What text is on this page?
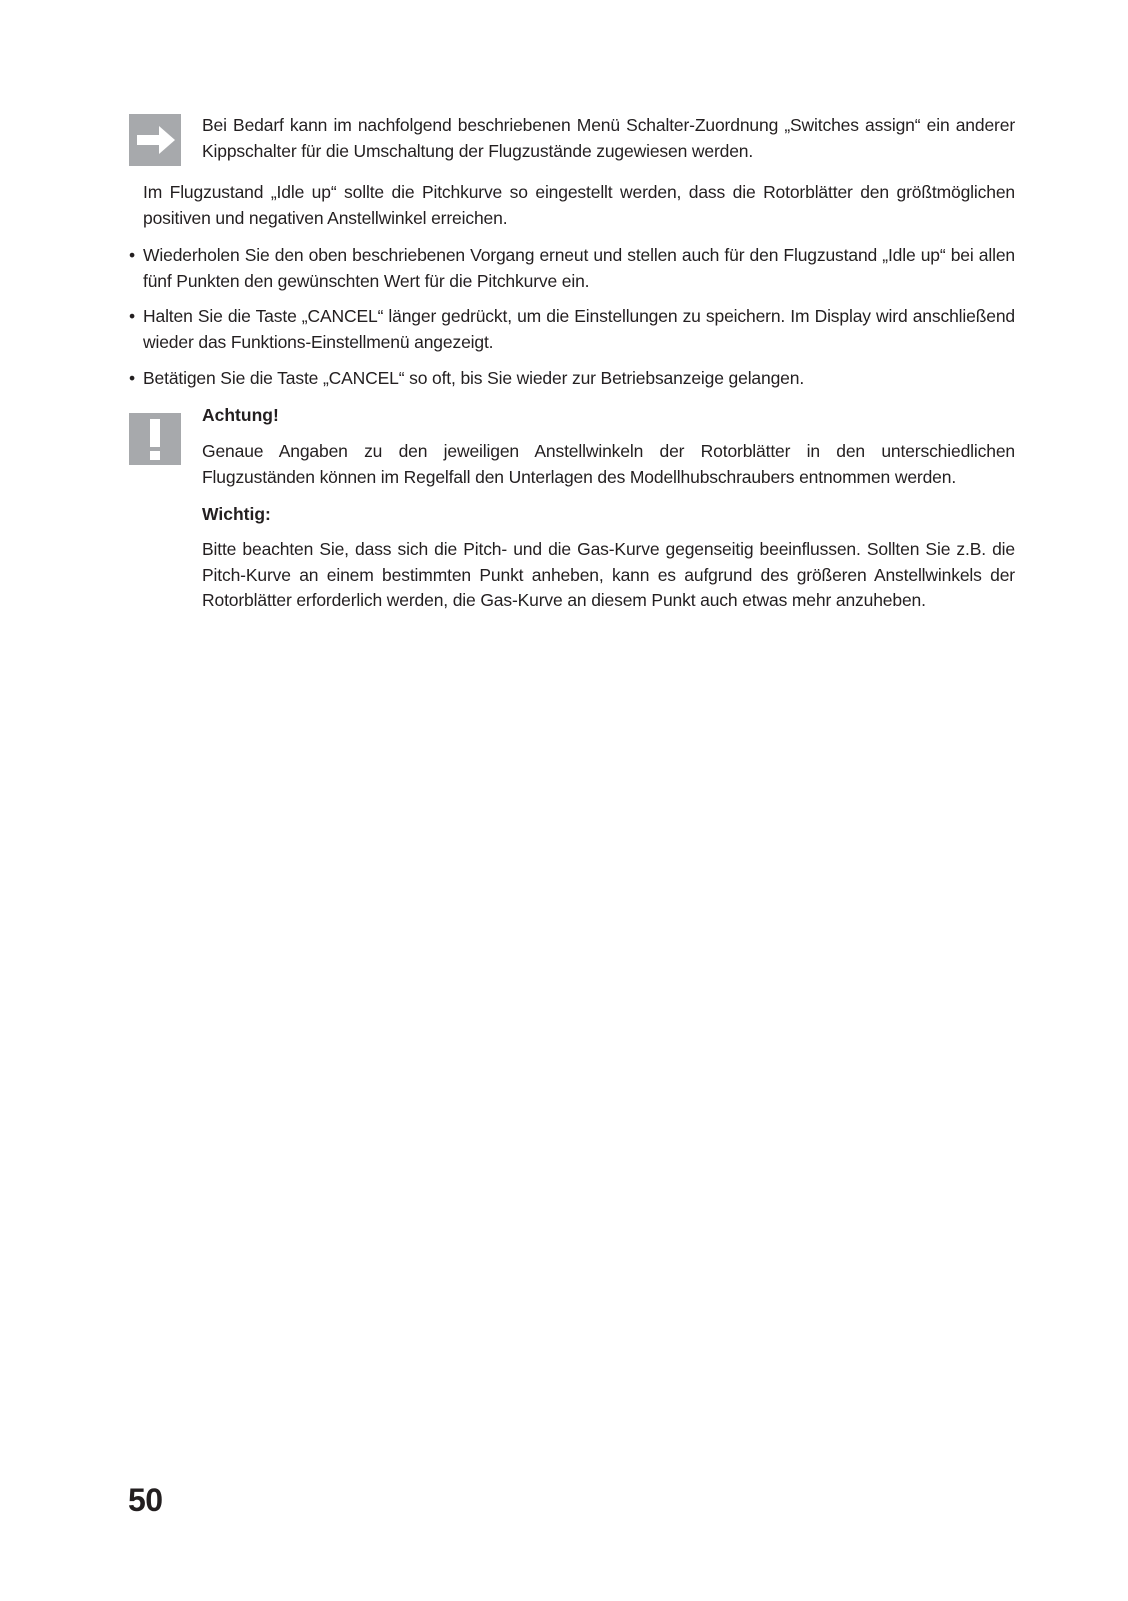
Bei Bedarf kann im nachfolgend beschriebenen Menü Schalter-Zuordnung „Switches assign“ ein anderer Kippschalter für die Umschaltung der Flugzustände zugewiesen werden.

Im Flugzustand „Idle up“ sollte die Pitchkurve so eingestellt werden, dass die Rotorblätter den größtmöglichen positiven und negativen Anstellwinkel erreichen.

• Wiederholen Sie den oben beschriebenen Vorgang erneut und stellen auch für den Flugzustand „Idle up“ bei allen fünf Punkten den gewünschten Wert für die Pitchkurve ein.

• Halten Sie die Taste „CANCEL“ länger gedrückt, um die Einstellungen zu speichern. Im Display wird anschließend wieder das Funktions-Einstellmenü angezeigt.

• Betätigen Sie die Taste „CANCEL“ so oft, bis Sie wieder zur Betriebsanzeige gelangen.

Achtung!

Genaue Angaben zu den jeweiligen Anstellwinkeln der Rotorblätter in den unterschiedlichen Flugzuständen können im Regelfall den Unterlagen des Modellhubschraubers entnommen werden.

Wichtig:

Bitte beachten Sie, dass sich die Pitch- und die Gas-Kurve gegenseitig beeinflussen. Sollten Sie z.B. die Pitch-Kurve an einem bestimmten Punkt anheben, kann es aufgrund des größeren Anstellwinkels der Rotorblätter erforderlich werden, die Gas-Kurve an diesem Punkt auch etwas mehr anzuheben.

50
